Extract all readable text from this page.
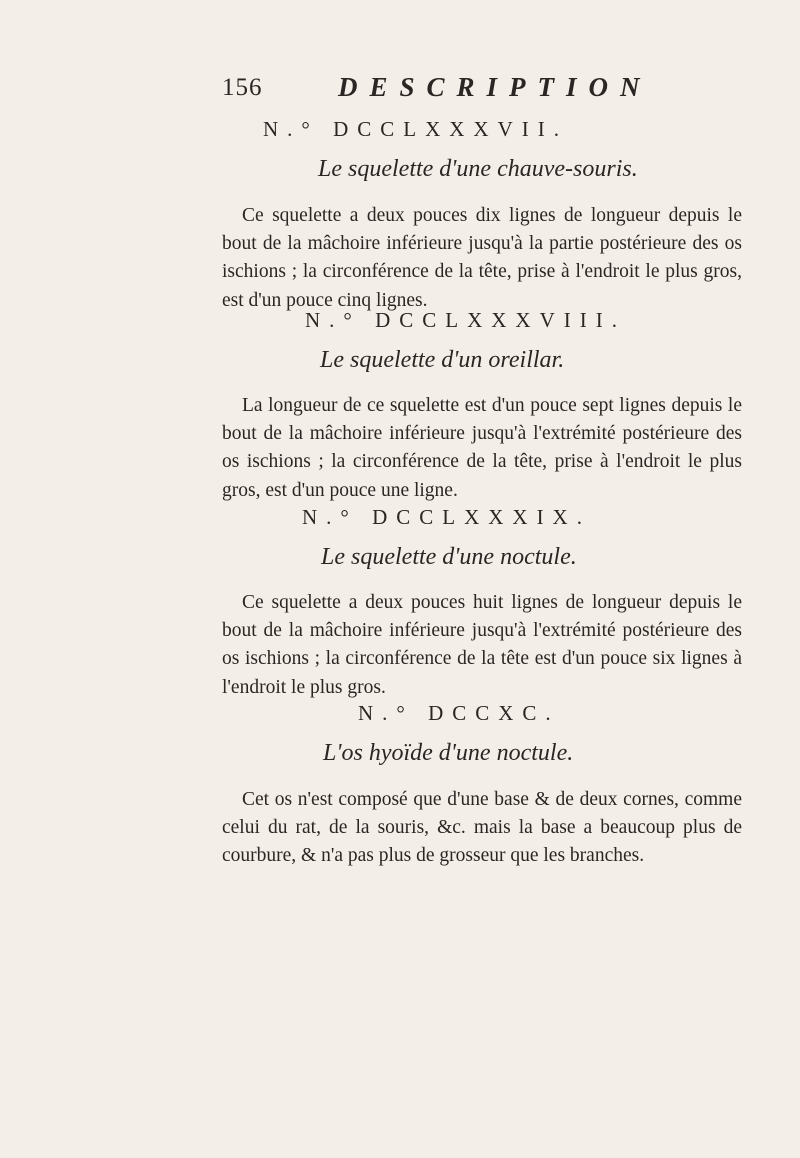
156	DESCRIPTION
N.° DCCLXXXVII.
Le squelette d'une chauve-souris.
Ce squelette a deux pouces dix lignes de longueur depuis le bout de la mâchoire inférieure jusqu'à la partie postérieure des os ischions ; la circonférence de la tête, prise à l'endroit le plus gros, est d'un pouce cinq lignes.
N.° DCCLXXXVIII.
Le squelette d'un oreillar.
La longueur de ce squelette est d'un pouce sept lignes depuis le bout de la mâchoire inférieure jusqu'à l'extrémité postérieure des os ischions ; la circonférence de la tête, prise à l'endroit le plus gros, est d'un pouce une ligne.
N.° DCCLXXXIX.
Le squelette d'une noctule.
Ce squelette a deux pouces huit lignes de longueur depuis le bout de la mâchoire inférieure jusqu'à l'extrémité postérieure des os ischions ; la circonférence de la tête est d'un pouce six lignes à l'endroit le plus gros.
N.° DCCXC.
L'os hyoïde d'une noctule.
Cet os n'est composé que d'une base & de deux cornes, comme celui du rat, de la souris, &c. mais la base a beaucoup plus de courbure, & n'a pas plus de grosseur que les branches.
